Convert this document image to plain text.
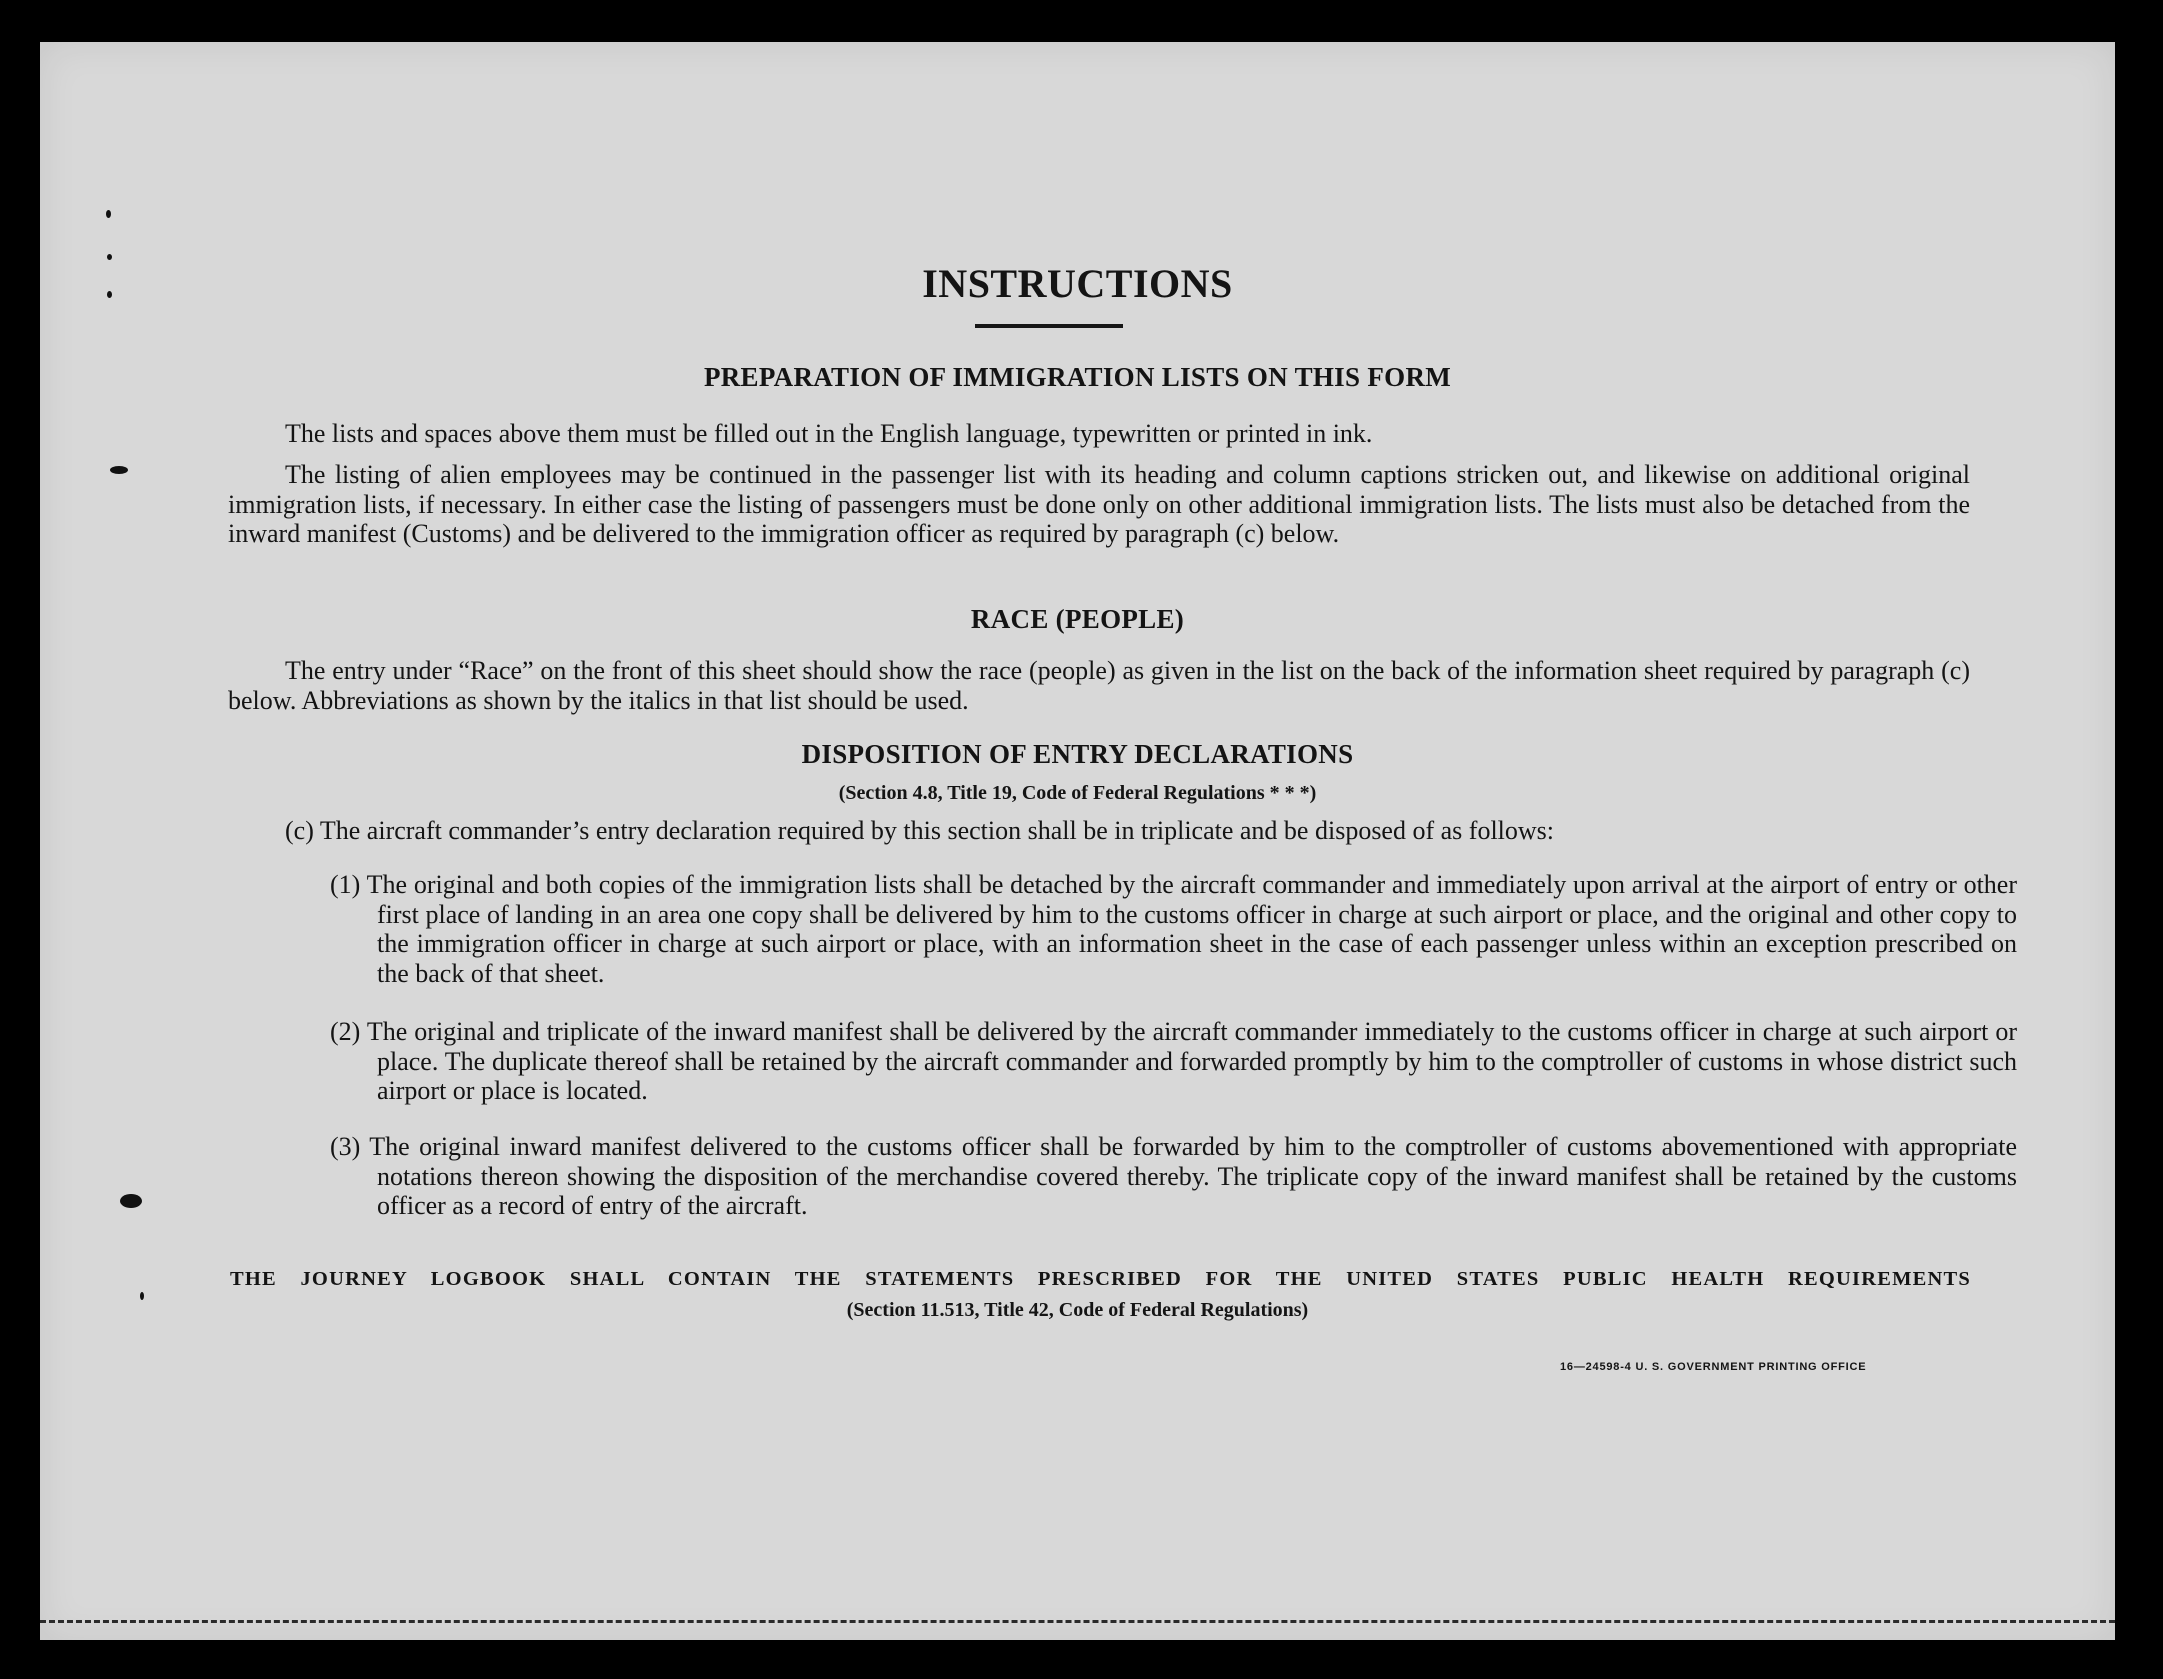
INSTRUCTIONS
PREPARATION OF IMMIGRATION LISTS ON THIS FORM

The lists and spaces above them must be filled out in the English language, typewritten or printed in ink.

The listing of alien employees may be continued in the passenger list with its heading and column captions stricken out, and likewise on additional original immigration lists, if necessary. In either case the listing of passengers must be done only on other additional immigration lists. The lists must also be detached from the inward manifest (Customs) and be delivered to the immigration officer as required by paragraph (c) below.

RACE (PEOPLE)

The entry under “Race” on the front of this sheet should show the race (people) as given in the list on the back of the information sheet required by paragraph (c) below. Abbreviations as shown by the italics in that list should be used.

DISPOSITION OF ENTRY DECLARATIONS

(Section 4.8, Title 19, Code of Federal Regulations * * *)

(c) The aircraft commander’s entry declaration required by this section shall be in triplicate and be disposed of as follows:

(1) The original and both copies of the immigration lists shall be detached by the aircraft commander and immediately upon arrival at the airport of entry or other first place of landing in an area one copy shall be delivered by him to the customs officer in charge at such airport or place, and the original and other copy to the immigration officer in charge at such airport or place, with an information sheet in the case of each passenger unless within an exception prescribed on the back of that sheet.

(2) The original and triplicate of the inward manifest shall be delivered by the aircraft commander immediately to the customs officer in charge at such airport or place. The duplicate thereof shall be retained by the aircraft commander and forwarded promptly by him to the comptroller of customs in whose district such airport or place is located.

(3) The original inward manifest delivered to the customs officer shall be forwarded by him to the comptroller of customs abovementioned with appropriate notations thereon showing the disposition of the merchandise covered thereby. The triplicate copy of the inward manifest shall be retained by the customs officer as a record of entry of the aircraft.

THE JOURNEY LOGBOOK SHALL CONTAIN THE STATEMENTS PRESCRIBED FOR THE UNITED STATES PUBLIC HEALTH REQUIREMENTS

(Section 11.513, Title 42, Code of Federal Regulations)

16—24598-4 U. S. GOVERNMENT PRINTING OFFICE
